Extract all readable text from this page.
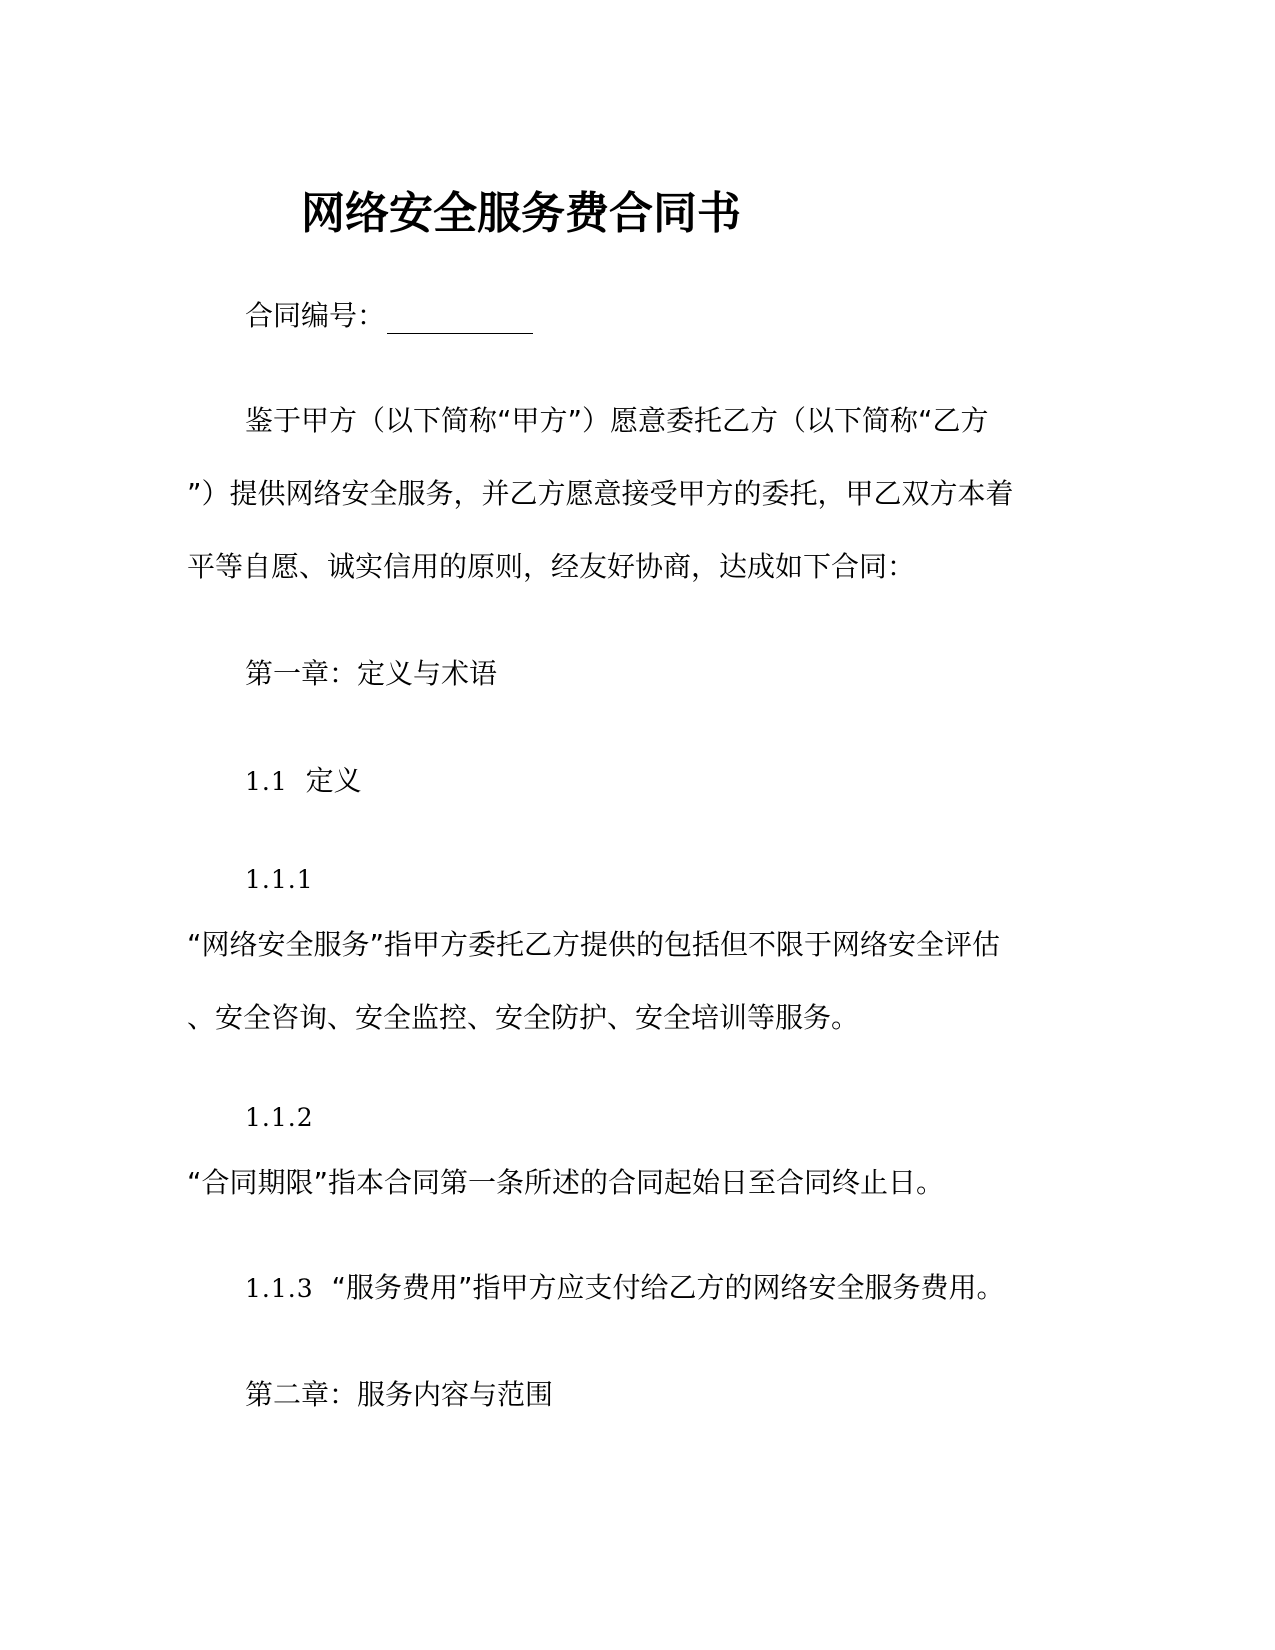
网络安全服务费合同书

合同编号：

鉴于甲方（以下简称“甲方”）愿意委托乙方（以下简称“乙方

”）提供网络安全服务，并乙方愿意接受甲方的委托，甲乙双方本着

平等自愿、诚实信用的原则，经友好协商，达成如下合同：

第一章：定义与术语

1.1 定义

1.1.1

“网络安全服务”指甲方委托乙方提供的包括但不限于网络安全评估

、安全咨询、安全监控、安全防护、安全培训等服务。

1.1.2

“合同期限”指本合同第一条所述的合同起始日至合同终止日。

1.1.3 “服务费用”指甲方应支付给乙方的网络安全服务费用。

第二章：服务内容与范围
